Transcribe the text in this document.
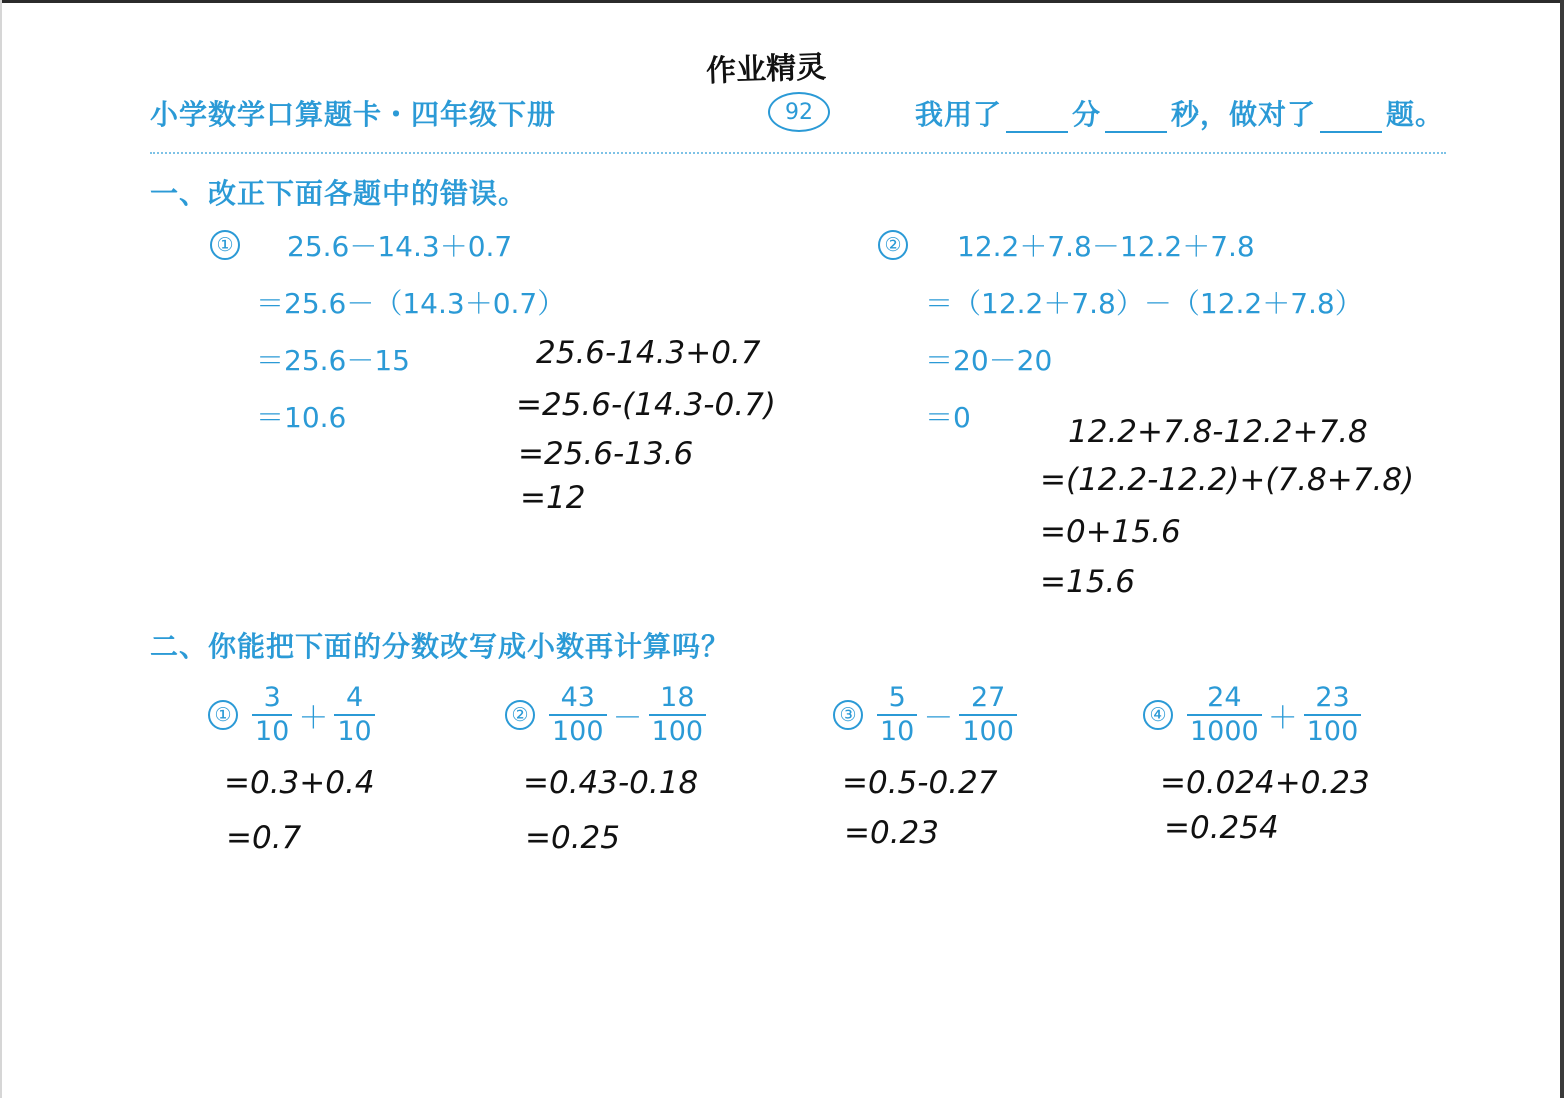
作业精灵
小学数学口算题卡・四年级下册	92	我用了	分	秒，做对了	题。
一、改正下面各题中的错误。
① 25.6－14.3＋0.7
＝25.6－（14.3＋0.7）
＝25.6－15
＝10.6
25.6-14.3+0.7
=25.6-(14.3-0.7)
=25.6-13.6
=12
② 12.2＋7.8－12.2＋7.8
＝（12.2＋7.8）－（12.2＋7.8）
＝20－20
＝0	12.2+7.8-12.2+7.8
=(12.2-12.2)+(7.8+7.8)
=0+15.6
=15.6
二、你能把下面的分数改写成小数再计算吗？
① $\frac{3}{10} + \frac{4}{10}$
=0.3+0.4
=0.7
② $\frac{43}{100} - \frac{18}{100}$
=0.43-0.18
=0.25
③ $\frac{5}{10} - \frac{27}{100}$
=0.5-0.27
=0.23
④ $\frac{24}{1000} + \frac{23}{100}$
=0.024+0.23
=0.254
